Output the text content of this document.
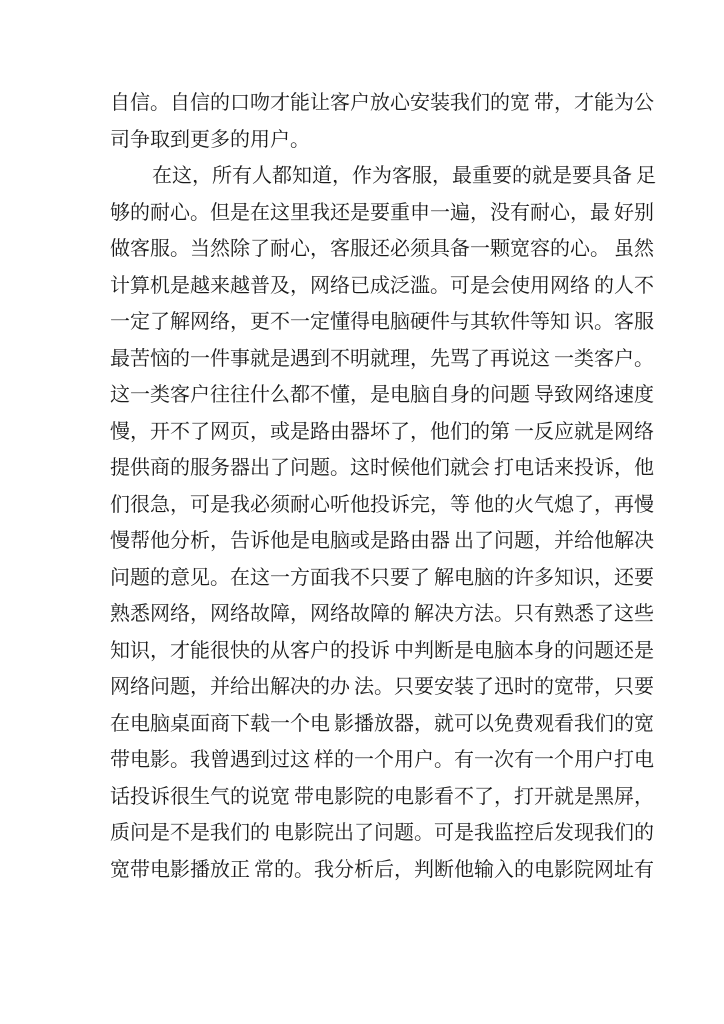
自 信 。 自 信 的 口 吻 才 能 让 客 户 放 心 安 装 我 们 的 宽
带 ， 才 能 为 公
司 争 取 到 更 多 的 用 户 。
在 这 ， 所 有 人 都 知 道 ， 作 为 客 服 ， 最 重 要 的 就 是 要 具 备
足
够 的 耐 心 。 但 是 在 这 里 我 还 是 要 重 申 一 遍 ， 没 有 耐 心 ， 最
好 别
做 客 服 。 当 然 除 了 耐 心 ， 客 服 还 必 须 具 备 一 颗 宽 容 的 心 。
虽 然
计 算 机 是 越 来 越 普 及 ， 网 络 已 成 泛 滥 。 可 是 会 使 用 网 络
的 人 不
一 定 了 解 网 络 ， 更 不 一 定 懂 得 电 脑 硬 件 与 其 软 件 等 知
识 。 客 服
最 苦 恼 的 一 件 事 就 是 遇 到 不 明 就 理 ， 先 骂 了 再 说 这
一 类 客 户 。
这 一 类 客 户 往 往 什 么 都 不 懂 ， 是 电 脑 自 身 的 问 题
导 致 网 络 速 度
慢 ， 开 不 了 网 页 ， 或 是 路 由 器 坏 了 ， 他 们 的 第
一 反 应 就 是 网 络
提 供 商 的 服 务 器 出 了 问 题 。 这 时 候 他 们 就 会
打 电 话 来 投 诉 ， 他
们 很 急 ， 可 是 我 必 须 耐 心 听 他 投 诉 完 ， 等
他 的 火 气 熄 了 ， 再 慢
慢 帮 他 分 析 ， 告 诉 他 是 电 脑 或 是 路 由 器
出 了 问 题 ， 并 给 他 解 决
问 题 的 意 见 。 在 这 一 方 面 我 不 只 要 了
解 电 脑 的 许 多 知 识 ， 还 要
熟 悉 网 络 ， 网 络 故 障 ， 网 络 故 障 的
解 决 方 法 。 只 有 熟 悉 了 这 些
知 识 ， 才 能 很 快 的 从 客 户 的 投 诉
中 判 断 是 电 脑 本 身 的 问 题 还 是
网 络 问 题 ， 并 给 出 解 决 的 办
法 。 只 要 安 装 了 迅 时 的 宽 带 ， 只 要
在 电 脑 桌 面 商 下 载 一 个 电
影 播 放 器 ， 就 可 以 免 费 观 看 我 们 的 宽
带 电 影 。 我 曾 遇 到 过 这
样 的 一 个 用 户 。 有 一 次 有 一 个 用 户 打 电
话 投 诉 很 生 气 的 说 宽
带 电 影 院 的 电 影 看 不 了 ， 打 开 就 是 黑 屏 ，
质 问 是 不 是 我 们 的
电 影 院 出 了 问 题 。 可 是 我 监 控 后 发 现 我 们 的
宽 带 电 影 播 放 正
常 的 。 我 分 析 后 ， 判 断 他 输 入 的 电 影 院 网 址 有
